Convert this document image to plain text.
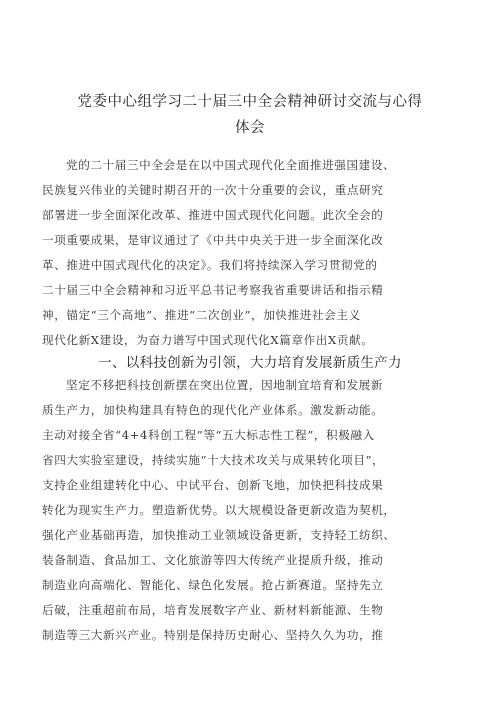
党委中心组学习二十届三中全会精神研讨交流与心得
体会
党的二十届三中全会是在以中国式现代化全面推进强国建设、
民族复兴伟业的关键时期召开的一次十分重要的会议，重点研究
部署进一步全面深化改革、推进中国式现代化问题。此次全会的
一项重要成果，是审议通过了《中共中央关于进一步全面深化改
革、推进中国式现代化的决定》。我们将持续深入学习贯彻党的
二十届三中全会精神和习近平总书记考察我省重要讲话和指示精
神，锚定“三个高地”、推进“二次创业”，加快推进社会主义
现代化新X建设，为奋力谱写中国式现代化X篇章作出X贡献。
一、以科技创新为引领，大力培育发展新质生产力
坚定不移把科技创新摆在突出位置，因地制宜培育和发展新
质生产力，加快构建具有特色的现代化产业体系。激发新动能。
主动对接全省“4+4科创工程”等“五大标志性工程”，积极融入
省四大实验室建设，持续实施“十大技术攻关与成果转化项目”，
支持企业组建转化中心、中试平台、创新飞地，加快把科技成果
转化为现实生产力。塑造新优势。以大规模设备更新改造为契机，
强化产业基础再造，加快推动工业领域设备更新，支持轻工纺织、
装备制造、食品加工、文化旅游等四大传统产业提质升级，推动
制造业向高端化、智能化、绿色化发展。抢占新赛道。坚持先立
后破，注重超前布局，培育发展数字产业、新材料新能源、生物
制造等三大新兴产业。特别是保持历史耐心、坚持久久为功，推
